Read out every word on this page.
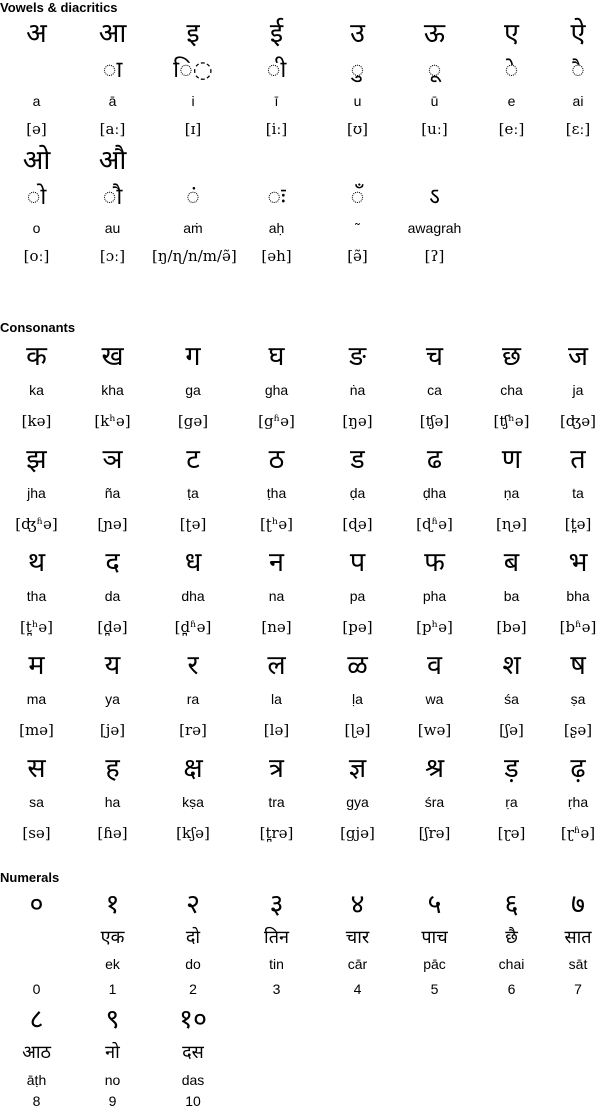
Vowels & diacritics
अ
a
[ə]
आ
◌ा
ā
[aː]
इ
ि◌
i
[ɪ]
ई
◌ी
ī
[iː]
उ
◌ु
u
[ʊ]
ऊ
◌ू
ū
[uː]
ए
◌े
e
[eː]
ऐ
◌ै
ai
[ɛː]
ओ
◌ो
o
[oː]
औ
◌ौ
au
[ɔː]
◌ं
aṁ
[ŋ/ɳ/n/m/ə̃]
◌ः
aḥ
[əh]
◌ँ
˜
[ə̃]
ऽ
awagrah
[ʔ]
Consonants
क
ka
[kə]
ख
kha
[kʰə]
ग
ga
[gə]
घ
gha
[gʱə]
ङ
ṅa
[ŋə]
च
ca
[ʧə]
छ
cha
[ʧʰə]
ज
ja
[ʤə]
झ
jha
[ʤʱə]
ञ
ña
[ɲə]
ट
ṭa
[ʈə]
ठ
ṭha
[ʈʰə]
ड
ḍa
[ɖə]
ढ
ḍha
[ɖʱə]
ण
ṇa
[ɳə]
त
ta
[t̪ə]
थ
tha
[t̪ʰə]
द
da
[d̪ə]
ध
dha
[d̪ʱə]
न
na
[nə]
प
pa
[pə]
फ
pha
[pʰə]
ब
ba
[bə]
भ
bha
[bʱə]
म
ma
[mə]
य
ya
[jə]
र
ra
[rə]
ल
la
[lə]
ळ
ḷa
[ɭə]
व
wa
[wə]
श
śa
[ʃə]
ष
ṣa
[ʂə]
स
sa
[sə]
ह
ha
[ɦə]
क्ष
kṣa
[kʃə]
त्र
tra
[t̪rə]
ज्ञ
gya
[gjə]
श्र
śra
[ʃrə]
ड़
ṛa
[ɽə]
ढ़
ṛha
[ɽʱə]
Numerals
०
0
१
एक
ek
1
२
दो
do
2
३
तिन
tin
3
४
चार
cār
4
५
पाच
pāc
5
६
छै
chai
6
७
सात
sāt
7
८
आठ
āṭh
8
९
नो
no
9
१०
दस
das
10
